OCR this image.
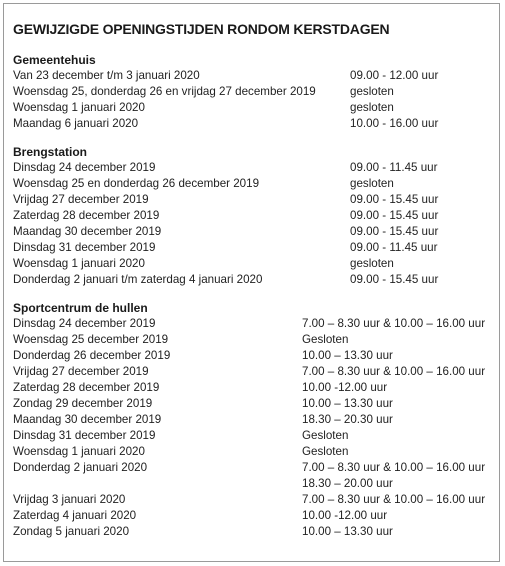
GEWIJZIGDE OPENINGSTIJDEN RONDOM KERSTDAGEN
Gemeentehuis
Van 23 december t/m 3 januari 2020	09.00 - 12.00 uur
Woensdag 25, donderdag 26 en vrijdag 27 december 2019	gesloten
Woensdag 1 januari 2020	gesloten
Maandag 6 januari 2020	10.00 - 16.00 uur
Brengstation
Dinsdag 24 december 2019	09.00 - 11.45 uur
Woensdag 25 en donderdag 26 december 2019	gesloten
Vrijdag 27 december 2019	09.00 - 15.45 uur
Zaterdag 28 december 2019	09.00 - 15.45 uur
Maandag 30 december 2019	09.00 - 15.45 uur
Dinsdag 31 december 2019	09.00 - 11.45 uur
Woensdag 1 januari 2020	gesloten
Donderdag 2 januari t/m zaterdag 4 januari 2020	09.00 - 15.45 uur
Sportcentrum de hullen
Dinsdag 24 december 2019	7.00 – 8.30 uur & 10.00 – 16.00 uur
Woensdag 25 december 2019	Gesloten
Donderdag 26 december 2019	10.00 – 13.30 uur
Vrijdag 27 december 2019	7.00 – 8.30 uur & 10.00 – 16.00 uur
Zaterdag 28 december 2019	10.00 -12.00 uur
Zondag 29 december 2019	10.00 – 13.30 uur
Maandag 30 december 2019	18.30 – 20.30 uur
Dinsdag 31 december 2019	Gesloten
Woensdag 1 januari 2020	Gesloten
Donderdag 2 januari 2020	7.00 – 8.30 uur & 10.00 – 16.00 uur
18.30 – 20.00 uur
Vrijdag 3 januari 2020	7.00 – 8.30 uur & 10.00 – 16.00 uur
Zaterdag 4 januari 2020	10.00 -12.00 uur
Zondag 5 januari 2020	10.00 – 13.30 uur
